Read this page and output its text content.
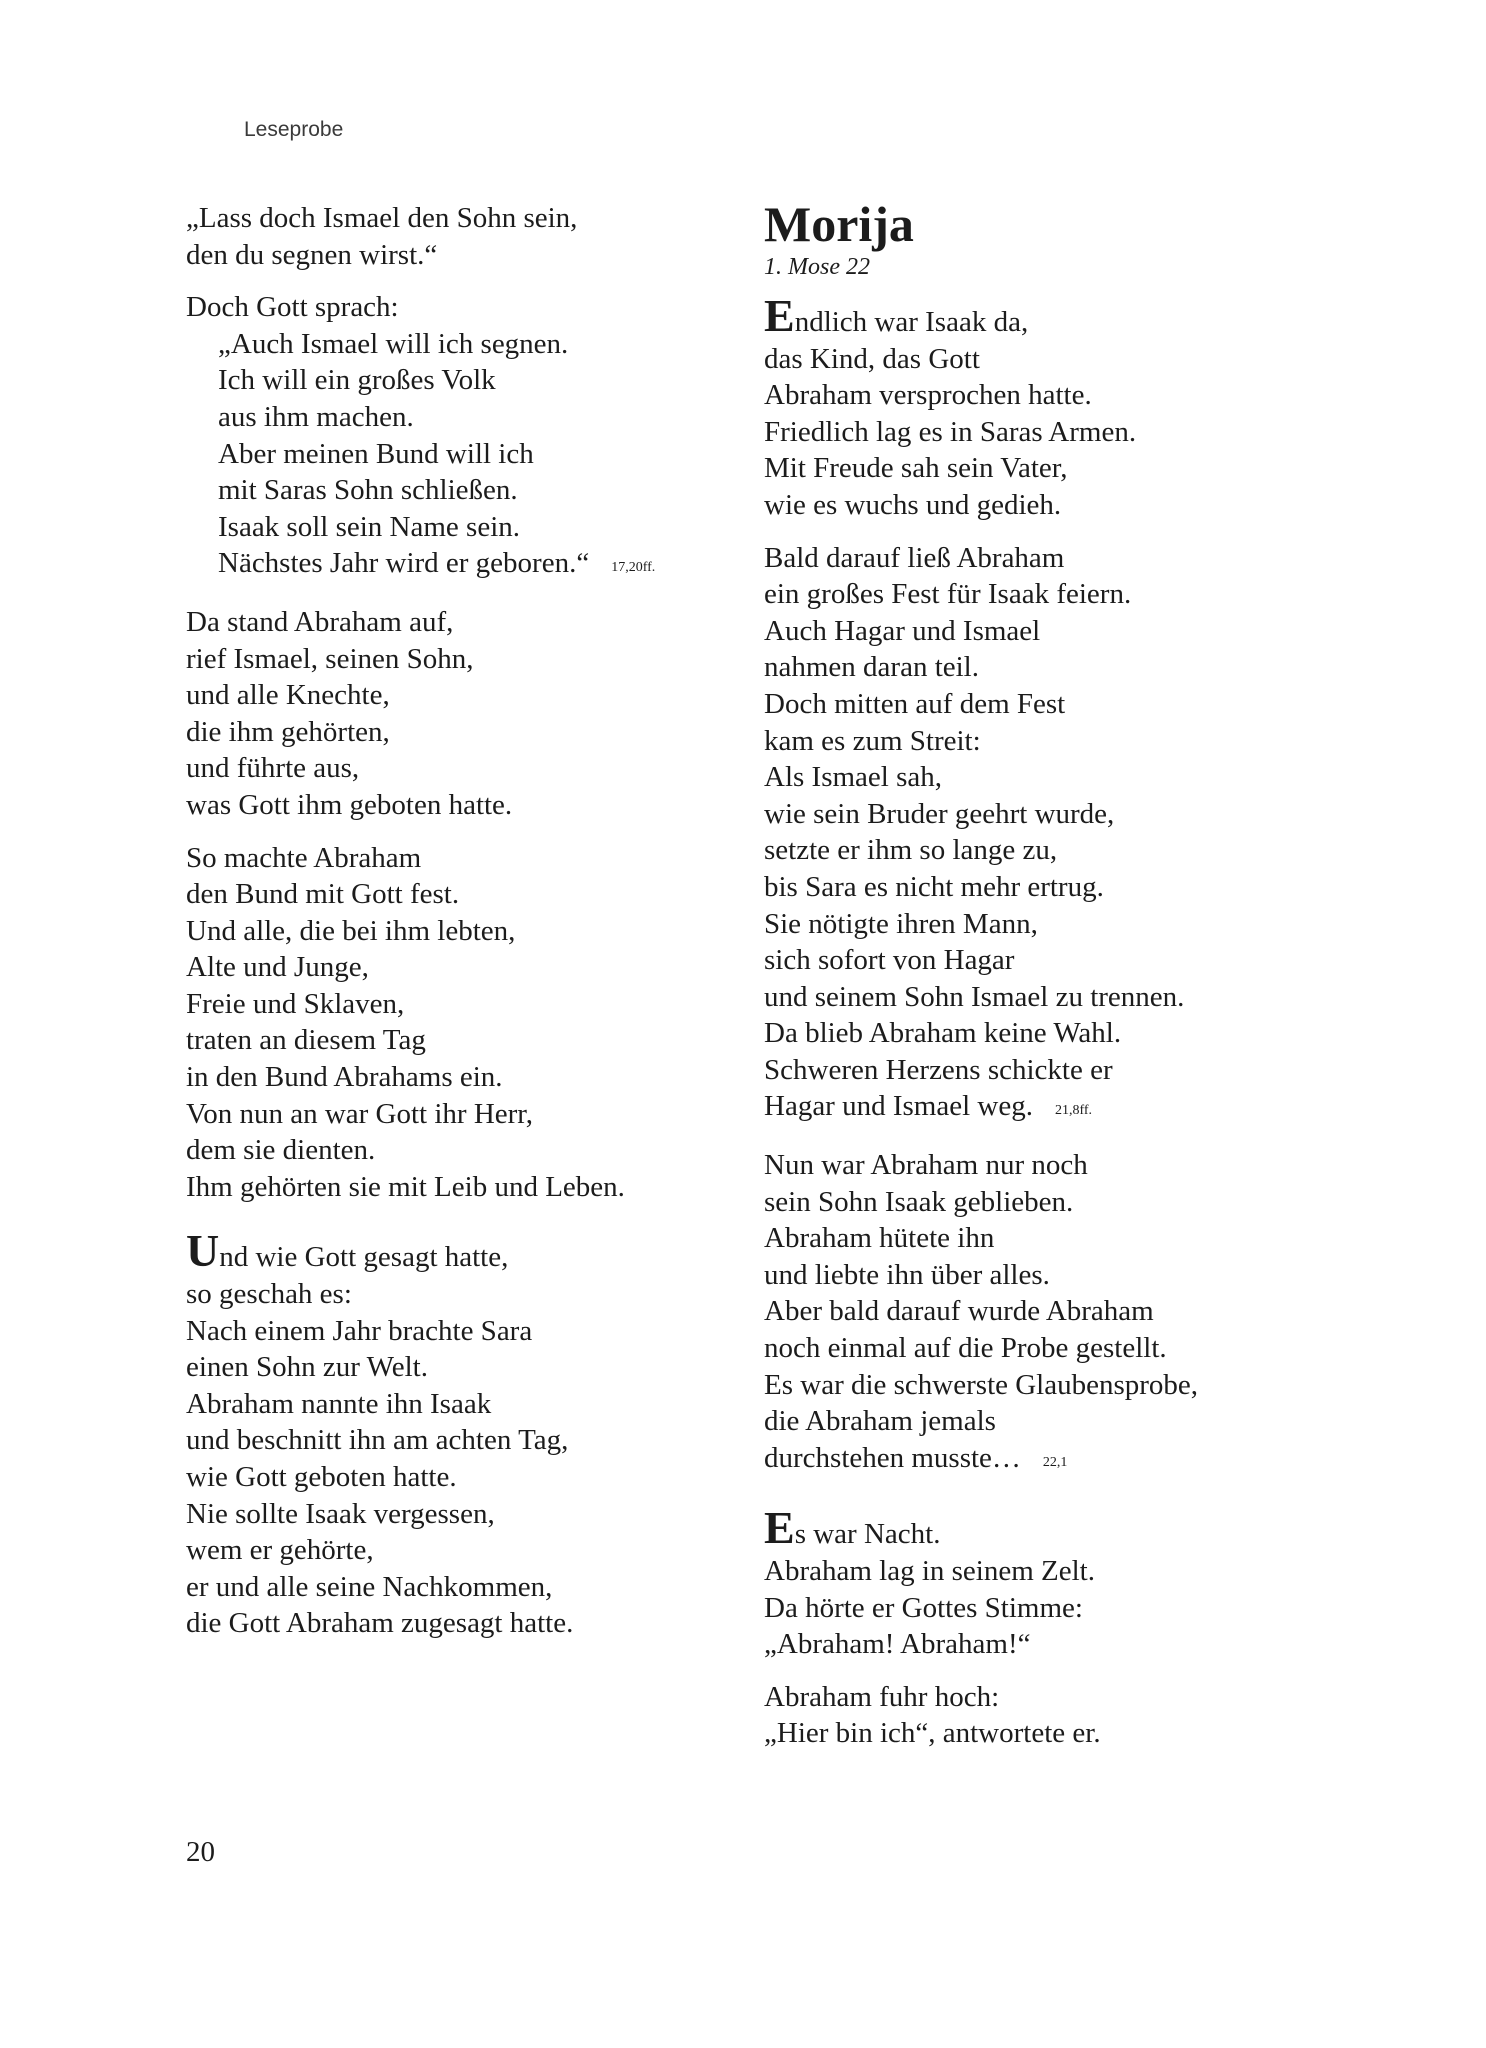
Leseprobe
„Lass doch Ismael den Sohn sein,
den du segnen wirst.“
Doch Gott sprach:
„Auch Ismael will ich segnen.
Ich will ein großes Volk
aus ihm machen.
Aber meinen Bund will ich
mit Saras Sohn schließen.
Isaak soll sein Name sein.
Nächstes Jahr wird er geboren.“ 17,20ff.
Da stand Abraham auf,
rief Ismael, seinen Sohn,
und alle Knechte,
die ihm gehörten,
und führte aus,
was Gott ihm geboten hatte.
So machte Abraham
den Bund mit Gott fest.
Und alle, die bei ihm lebten,
Alte und Junge,
Freie und Sklaven,
traten an diesem Tag
in den Bund Abrahams ein.
Von nun an war Gott ihr Herr,
dem sie dienten.
Ihm gehörten sie mit Leib und Leben.
Und wie Gott gesagt hatte,
so geschah es:
Nach einem Jahr brachte Sara
einen Sohn zur Welt.
Abraham nannte ihn Isaak
und beschnitt ihn am achten Tag,
wie Gott geboten hatte.
Nie sollte Isaak vergessen,
wem er gehörte,
er und alle seine Nachkommen,
die Gott Abraham zugesagt hatte.
Morija
1. Mose 22
Endlich war Isaak da,
das Kind, das Gott
Abraham versprochen hatte.
Friedlich lag es in Saras Armen.
Mit Freude sah sein Vater,
wie es wuchs und gedieh.
Bald darauf ließ Abraham
ein großes Fest für Isaak feiern.
Auch Hagar und Ismael
nahmen daran teil.
Doch mitten auf dem Fest
kam es zum Streit:
Als Ismael sah,
wie sein Bruder geehrt wurde,
setzte er ihm so lange zu,
bis Sara es nicht mehr ertrug.
Sie nötigte ihren Mann,
sich sofort von Hagar
und seinem Sohn Ismael zu trennen.
Da blieb Abraham keine Wahl.
Schweren Herzens schickte er
Hagar und Ismael weg. 21,8ff.
Nun war Abraham nur noch
sein Sohn Isaak geblieben.
Abraham hütete ihn
und liebte ihn über alles.
Aber bald darauf wurde Abraham
noch einmal auf die Probe gestellt.
Es war die schwerste Glaubensprobe,
die Abraham jemals
durchstehen musste… 22,1
Es war Nacht.
Abraham lag in seinem Zelt.
Da hörte er Gottes Stimme:
„Abraham! Abraham!“
Abraham fuhr hoch:
„Hier bin ich“, antwortete er.
20
